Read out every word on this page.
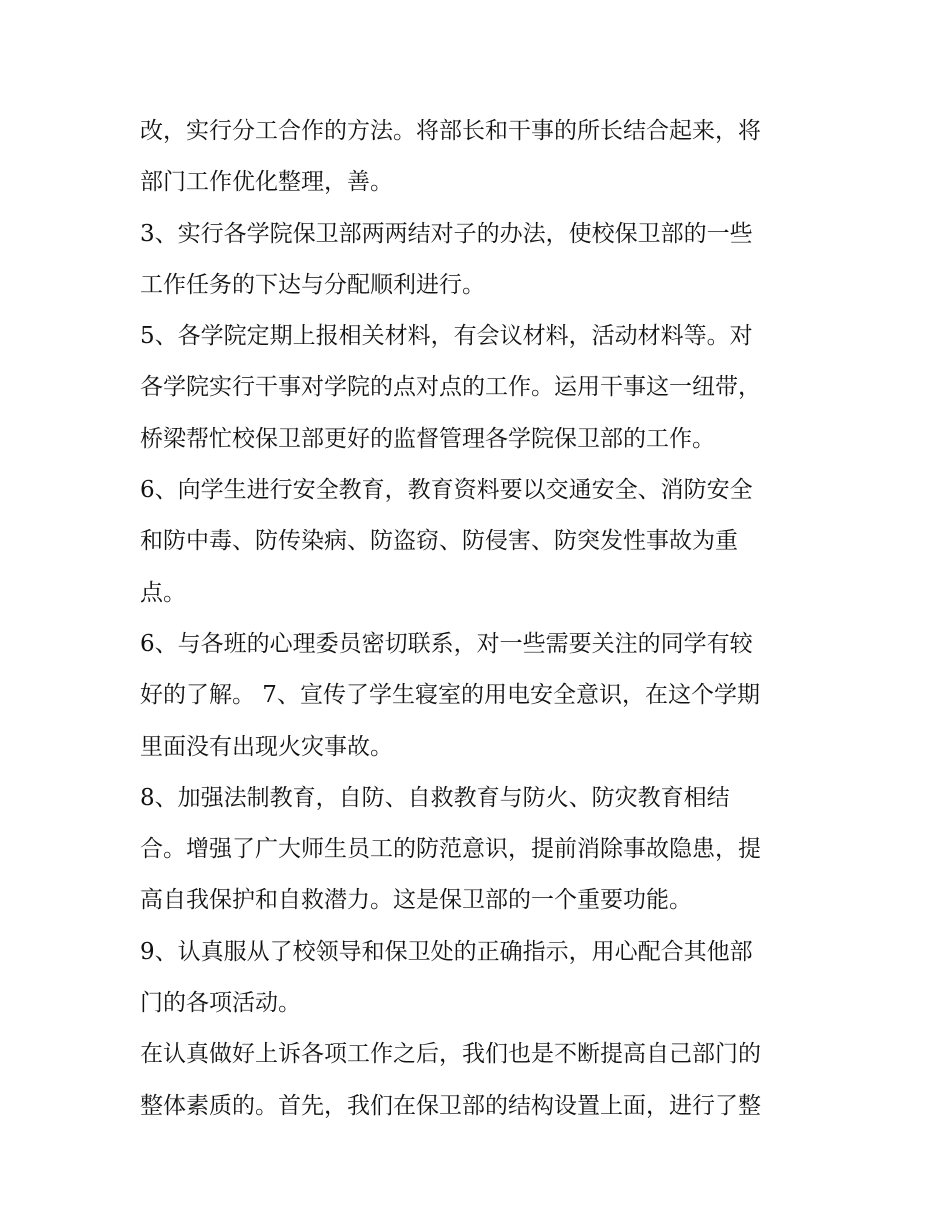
改，实行分工合作的方法。将部长和干事的所长结合起来，将
部门工作优化整理，善。
3、实行各学院保卫部两两结对子的办法，使校保卫部的一些
工作任务的下达与分配顺利进行。
5、各学院定期上报相关材料，有会议材料，活动材料等。对
各学院实行干事对学院的点对点的工作。运用干事这一纽带，
桥梁帮忙校保卫部更好的监督管理各学院保卫部的工作。
6、向学生进行安全教育，教育资料要以交通安全、消防安全
和防中毒、防传染病、防盗窃、防侵害、防突发性事故为重
点。
6、与各班的心理委员密切联系，对一些需要关注的同学有较
好的了解。 7、宣传了学生寝室的用电安全意识，在这个学期
里面没有出现火灾事故。
8、加强法制教育，自防、自救教育与防火、防灾教育相结
合。增强了广大师生员工的防范意识，提前消除事故隐患，提
高自我保护和自救潜力。这是保卫部的一个重要功能。
9、认真服从了校领导和保卫处的正确指示，用心配合其他部
门的各项活动。
在认真做好上诉各项工作之后，我们也是不断提高自己部门的
整体素质的。首先，我们在保卫部的结构设置上面，进行了整
